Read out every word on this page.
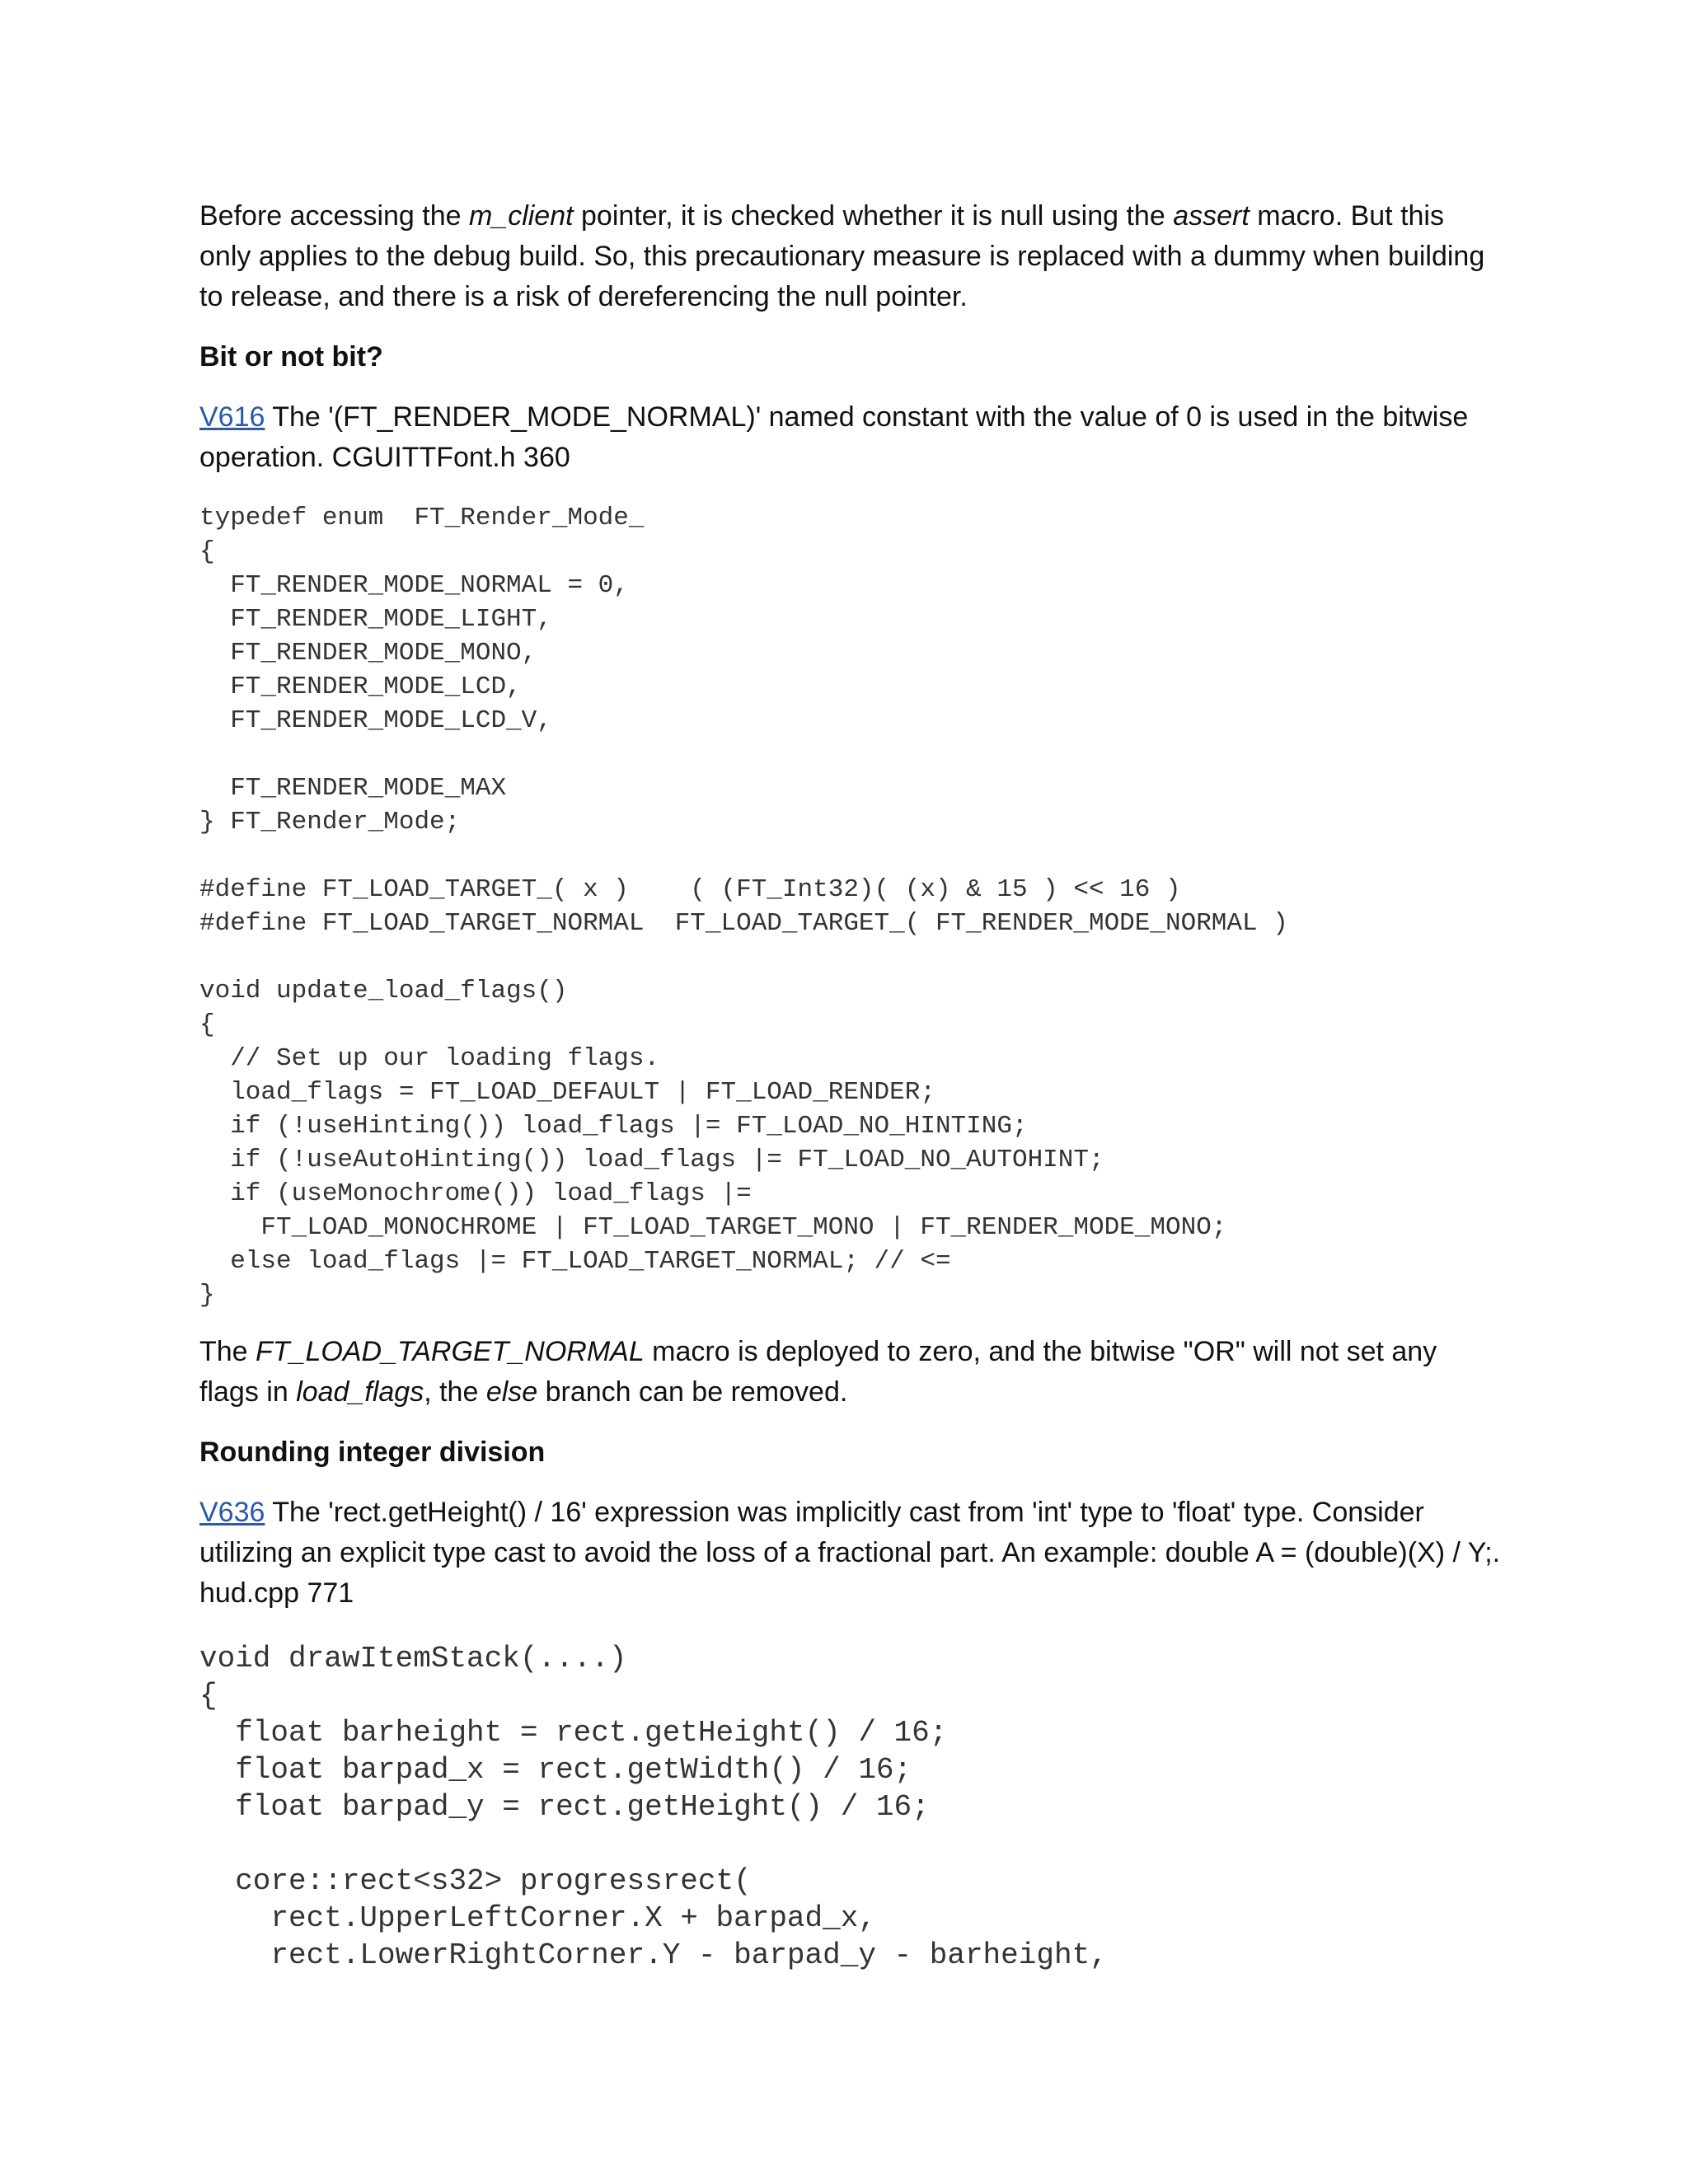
Before accessing the m_client pointer, it is checked whether it is null using the assert macro. But this only applies to the debug build. So, this precautionary measure is replaced with a dummy when building to release, and there is a risk of dereferencing the null pointer.

Bit or not bit?

V616 The '(FT_RENDER_MODE_NORMAL)' named constant with the value of 0 is used in the bitwise operation. CGUITTFont.h 360

typedef enum  FT_Render_Mode_
{
FT_RENDER_MODE_NORMAL = 0,
FT_RENDER_MODE_LIGHT,
FT_RENDER_MODE_MONO,
FT_RENDER_MODE_LCD,
FT_RENDER_MODE_LCD_V,

FT_RENDER_MODE_MAX
} FT_Render_Mode;

#define FT_LOAD_TARGET_( x )    ( (FT_Int32)( (x) & 15 ) << 16 )
#define FT_LOAD_TARGET_NORMAL  FT_LOAD_TARGET_( FT_RENDER_MODE_NORMAL )

void update_load_flags()
{
// Set up our loading flags.
load_flags = FT_LOAD_DEFAULT | FT_LOAD_RENDER;
if (!useHinting()) load_flags |= FT_LOAD_NO_HINTING;
if (!useAutoHinting()) load_flags |= FT_LOAD_NO_AUTOHINT;
if (useMonochrome()) load_flags |=
FT_LOAD_MONOCHROME | FT_LOAD_TARGET_MONO | FT_RENDER_MODE_MONO;
else load_flags |= FT_LOAD_TARGET_NORMAL; // <=
}

The FT_LOAD_TARGET_NORMAL macro is deployed to zero, and the bitwise "OR" will not set any flags in load_flags, the else branch can be removed.

Rounding integer division

V636 The 'rect.getHeight() / 16' expression was implicitly cast from 'int' type to 'float' type. Consider utilizing an explicit type cast to avoid the loss of a fractional part. An example: double A = (double)(X) / Y;. hud.cpp 771

void drawItemStack(....)
{
float barheight = rect.getHeight() / 16;
float barpad_x = rect.getWidth() / 16;
float barpad_y = rect.getHeight() / 16;

core::rect<s32> progressrect(
rect.UpperLeftCorner.X + barpad_x,
rect.LowerRightCorner.Y - barpad_y - barheight,
